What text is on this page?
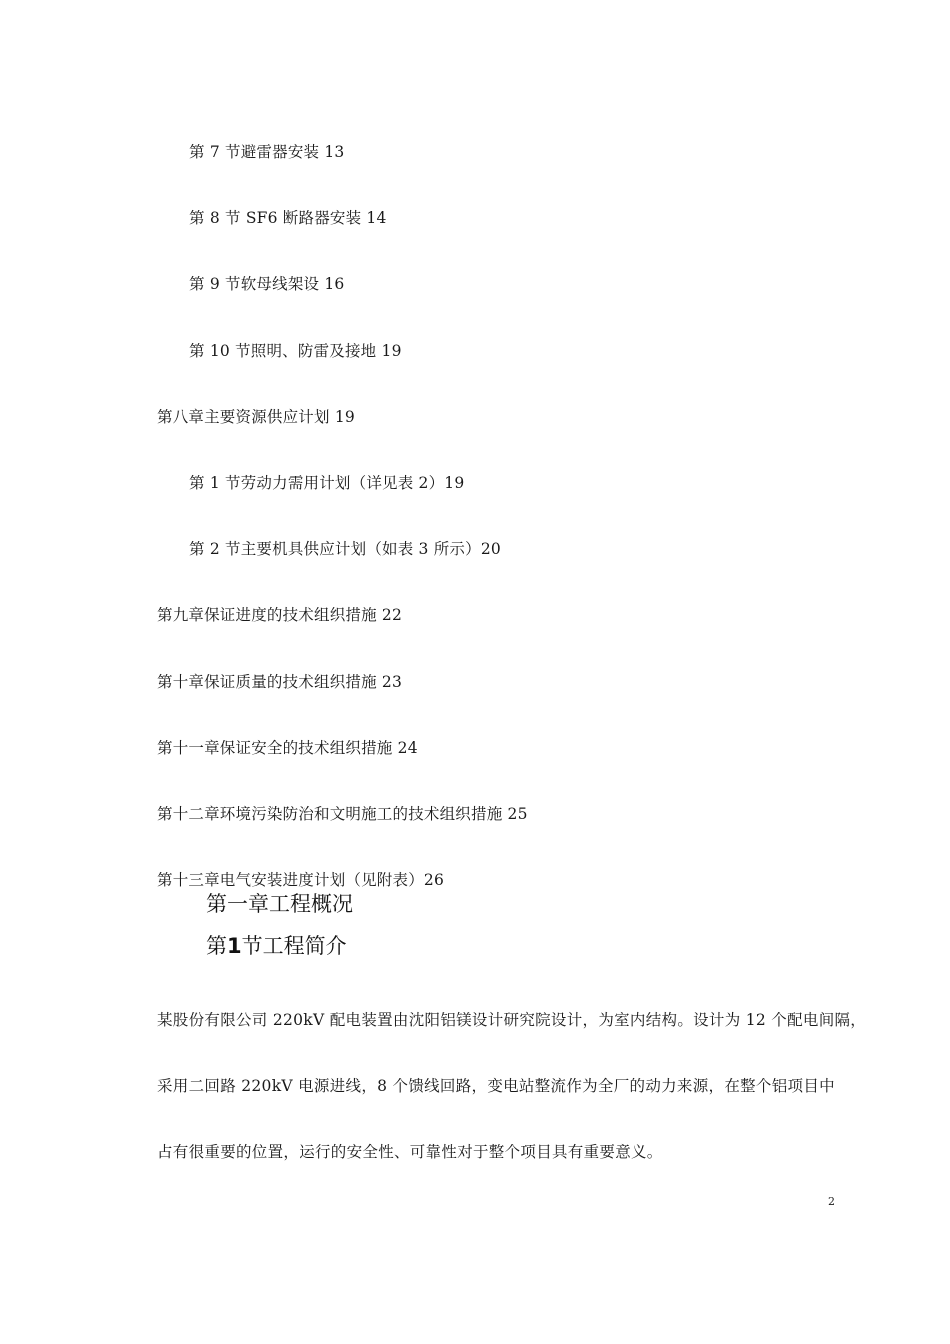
第 7 节避雷器安装 13
第 8 节 SF6 断路器安装 14
第 9 节软母线架设 16
第 10 节照明、防雷及接地 19
第八章主要资源供应计划 19
第 1 节劳动力需用计划（详见表 2）19
第 2 节主要机具供应计划（如表 3 所示）20
第九章保证进度的技术组织措施 22
第十章保证质量的技术组织措施 23
第十一章保证安全的技术组织措施 24
第十二章环境污染防治和文明施工的技术组织措施 25
第十三章电气安装进度计划（见附表）26
第一章工程概况
第1节工程简介
某股份有限公司 220kV 配电装置由沈阳铝镁设计研究院设计，为室内结构。设计为 12 个配电间隔，
采用二回路 220kV 电源进线，8 个馈线回路，变电站整流作为全厂的动力来源，在整个铝项目中
占有很重要的位置，运行的安全性、可靠性对于整个项目具有重要意义。
2
